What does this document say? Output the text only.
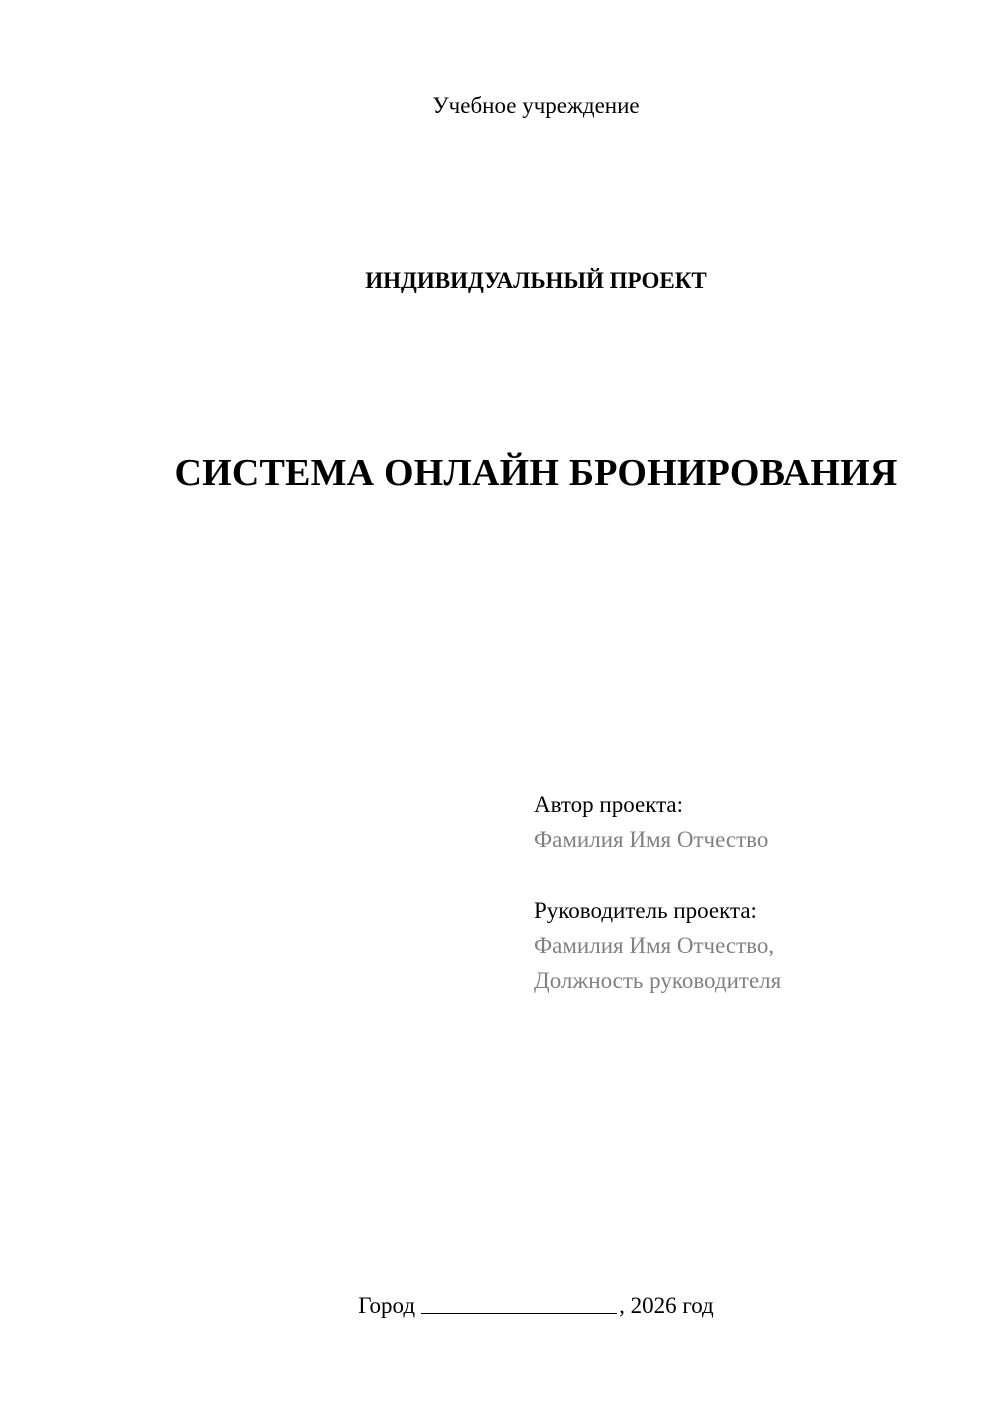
Учебное учреждение
ИНДИВИДУАЛЬНЫЙ ПРОЕКТ
СИСТЕМА ОНЛАЙН БРОНИРОВАНИЯ
Автор проекта:
Фамилия Имя Отчество
Руководитель проекта:
Фамилия Имя Отчество,
Должность руководителя
Город	, 2026 год
